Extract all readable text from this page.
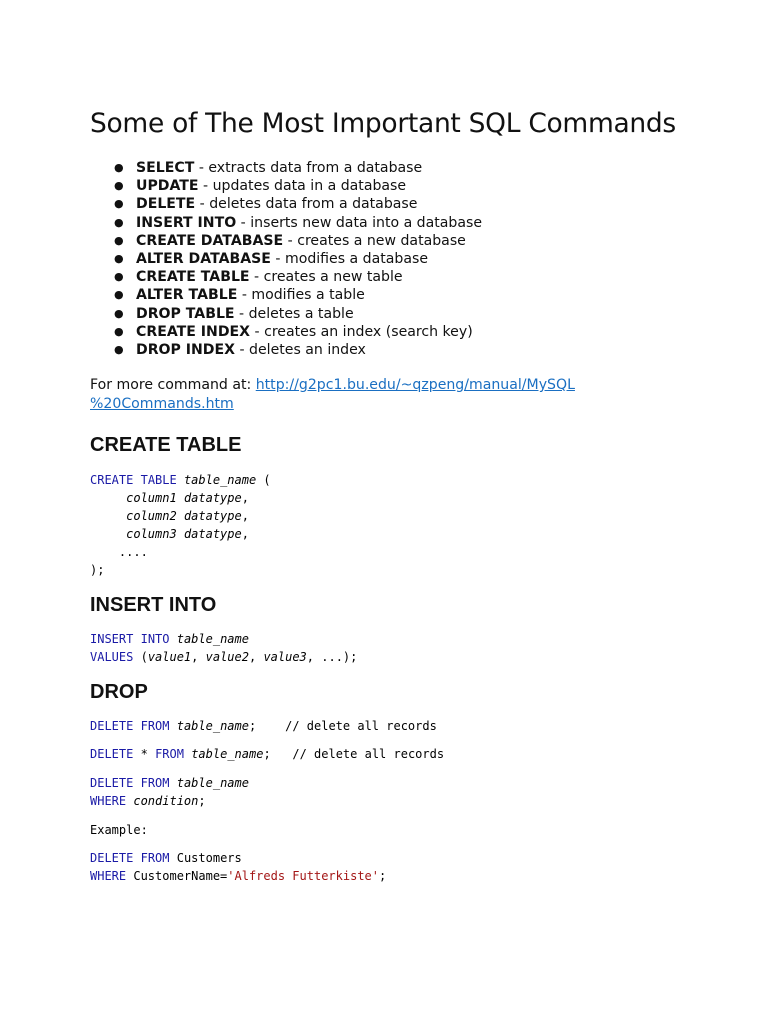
Some of The Most Important SQL Commands
● SELECT - extracts data from a database
● UPDATE - updates data in a database
● DELETE - deletes data from a database
● INSERT INTO - inserts new data into a database
● CREATE DATABASE - creates a new database
● ALTER DATABASE - modifies a database
● CREATE TABLE - creates a new table
● ALTER TABLE - modifies a table
● DROP TABLE - deletes a table
● CREATE INDEX - creates an index (search key)
● DROP INDEX - deletes an index
For more command at: http://g2pc1.bu.edu/~qzpeng/manual/MySQL
%20Commands.htm
CREATE TABLE
CREATE TABLE table_name (
column1 datatype,
column2 datatype,
column3 datatype,
....
);
INSERT INTO
INSERT INTO table_name
VALUES (value1, value2, value3, ...);
DROP
DELETE FROM table_name;    // delete all records
DELETE * FROM table_name;   // delete all records
DELETE FROM table_name
WHERE condition;
Example:
DELETE FROM Customers
WHERE CustomerName='Alfreds Futterkiste';
